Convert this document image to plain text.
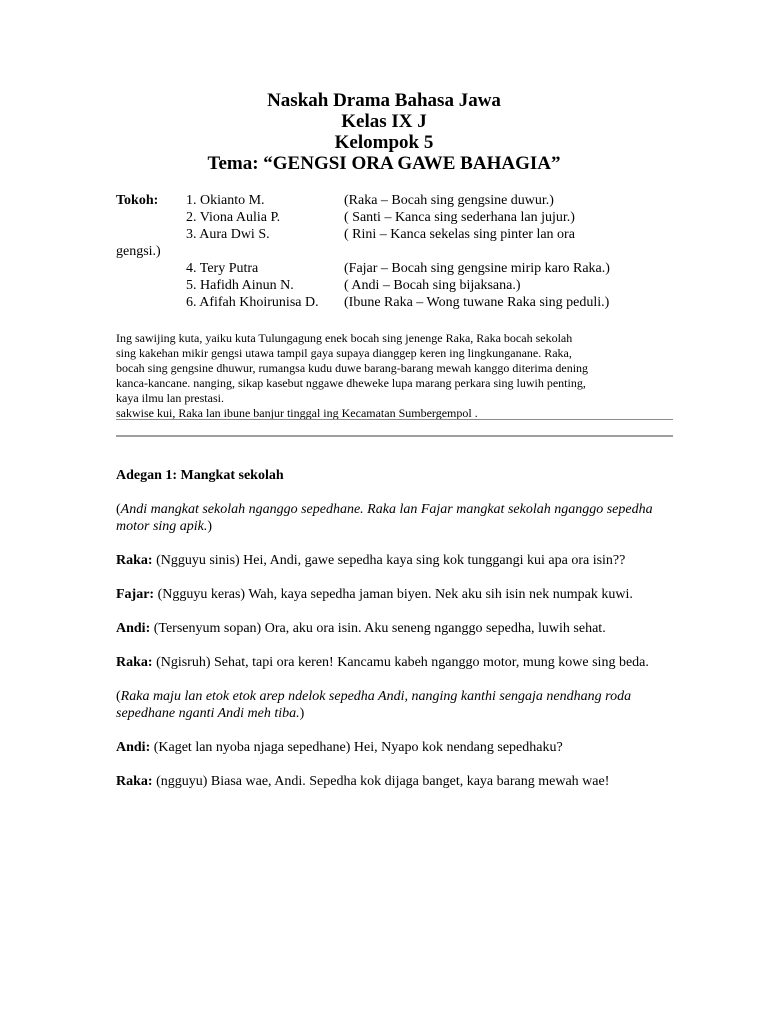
Naskah Drama Bahasa Jawa
Kelas IX J
Kelompok 5
Tema: “GENGSI ORA GAWE BAHAGIA”
Tokoh: 1. Okianto M.	(Raka – Bocah sing gengsine duwur.)
2. Viona Aulia P.	( Santi – Kanca sing sederhana lan jujur.)
3. Aura Dwi S.	( Rini – Kanca sekelas sing pinter lan ora
gengsi.)
4. Tery Putra	(Fajar – Bocah sing gengsine mirip karo Raka.)
5. Hafidh Ainun N.	( Andi – Bocah sing bijaksana.)
6. Afifah Khoirunisa D. (Ibune Raka – Wong tuwane Raka sing peduli.)

Ing sawijing kuta, yaiku kuta Tulungagung enek bocah sing jenenge Raka, Raka bocah sekolah

sing kakehan mikir gengsi utawa tampil gaya supaya dianggep keren ing lingkunganane. Raka,

bocah sing gengsine dhuwur, rumangsa kudu duwe barang-barang mewah kanggo diterima dening

kanca-kancane. nanging, sikap kasebut nggawe dheweke lupa marang perkara sing luwih penting,

kaya ilmu lan prestasi.

sakwise kui, Raka lan ibune banjur tinggal ing Kecamatan Sumbergempol .

Adegan 1: Mangkat sekolah
(Andi mangkat sekolah nganggo sepedhane. Raka lan Fajar mangkat sekolah nganggo sepedha motor sing apik.)
Raka: (Ngguyu sinis) Hei, Andi, gawe sepedha kaya sing kok tunggangi kui apa ora isin??
Fajar: (Ngguyu keras) Wah, kaya sepedha jaman biyen. Nek aku sih isin nek numpak kuwi.
Andi: (Tersenyum sopan) Ora, aku ora isin. Aku seneng nganggo sepedha, luwih sehat.
Raka: (Ngisruh) Sehat, tapi ora keren! Kancamu kabeh nganggo motor, mung kowe sing beda.
(Raka maju lan etok etok arep ndelok sepedha Andi, nanging kanthi sengaja nendhang roda sepedhane nganti Andi meh tiba.)
Andi: (Kaget lan nyoba njaga sepedhane) Hei, Nyapo kok nendang sepedhaku?
Raka: (ngguyu) Biasa wae, Andi. Sepedha kok dijaga banget, kaya barang mewah wae!
